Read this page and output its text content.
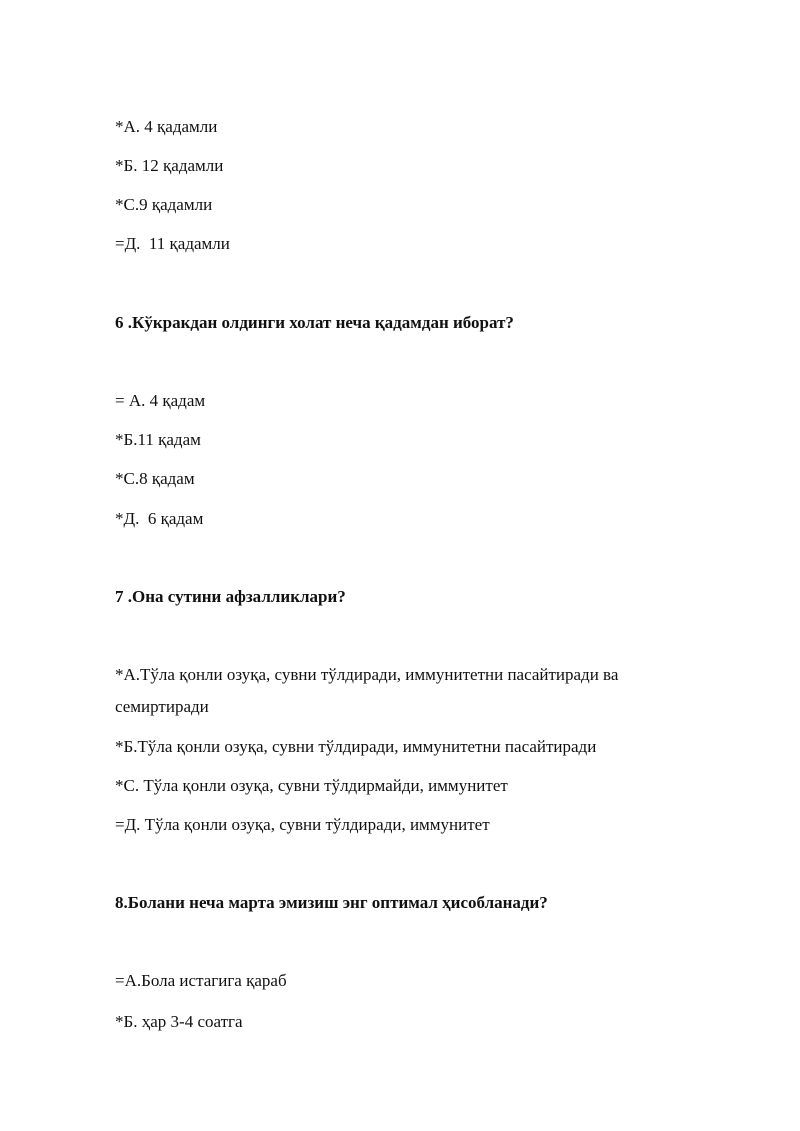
*А. 4 қадамли
*Б. 12 қадамли
*С.9 қадамли
=Д.  11 қадамли
6 .Кўкракдан олдинги холат неча қадамдан иборат?
= А. 4 қадам
*Б.11 қадам
*С.8 қадам
*Д.  6 қадам
7 .Она сутини афзалликлари?
*А.Тўла қонли озуқа, сувни тўлдиради, иммунитетни пасайтиради ва семиртиради
*Б.Тўла қонли озуқа, сувни тўлдиради, иммунитетни пасайтиради
*С. Тўла қонли озуқа, сувни тўлдирмайди, иммунитет
=Д. Тўла қонли озуқа, сувни тўлдиради, иммунитет
8.Болани неча марта эмизиш энг оптимал ҳисобланади?
=А.Бола истагига қараб
*Б. ҳар 3-4 соатга
